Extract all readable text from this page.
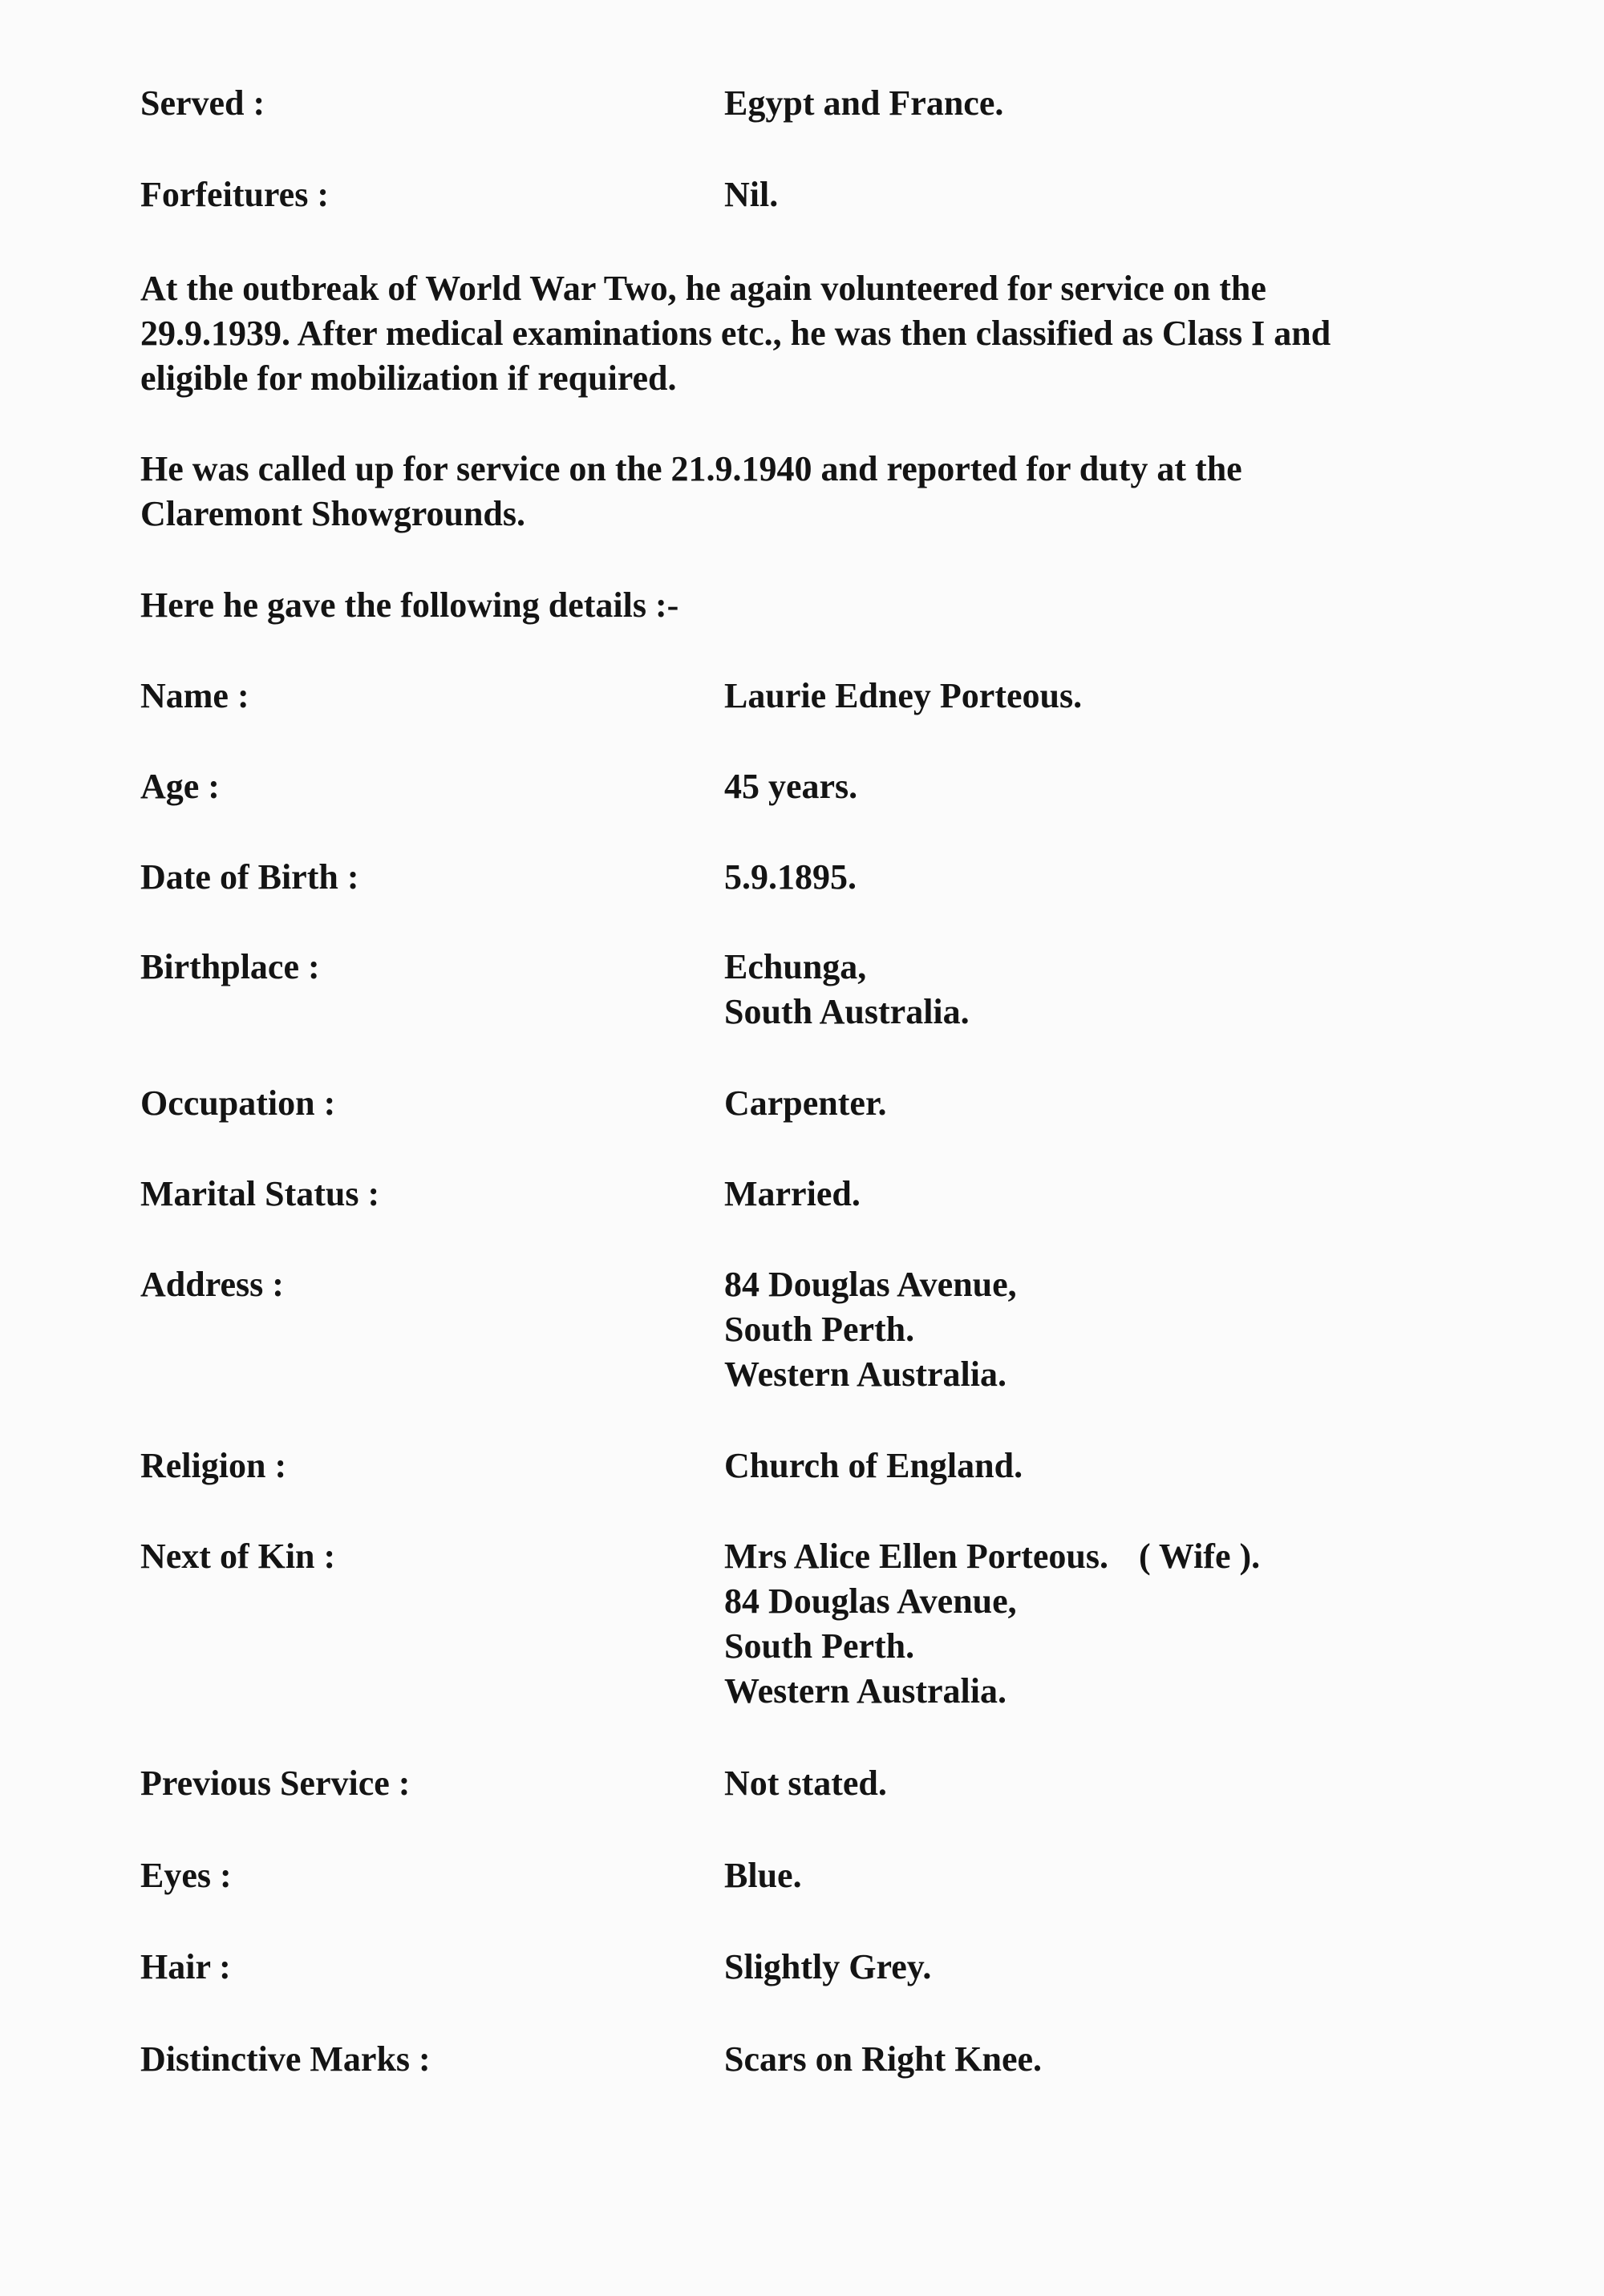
Served :	Egypt and France.
Forfeitures :	Nil.
At the outbreak of World War Two, he again volunteered for service on the
29.9.1939. After medical examinations etc., he was then classified as Class I and
eligible for mobilization if required.
He was called up for service on the 21.9.1940 and reported for duty at the
Claremont Showgrounds.
Here he gave the following details :-
Name :	Laurie Edney Porteous.
Age :	45 years.
Date of Birth :	5.9.1895.
Birthplace :	Echunga,
South Australia.
Occupation :	Carpenter.
Marital Status :	Married.
Address :	84 Douglas Avenue,
South Perth.
Western Australia.
Religion :	Church of England.
Next of Kin :	Mrs Alice Ellen Porteous. ( Wife ).
84 Douglas Avenue,
South Perth.
Western Australia.
Previous Service :	Not stated.
Eyes :	Blue.
Hair :	Slightly Grey.
Distinctive Marks :	Scars on Right Knee.
